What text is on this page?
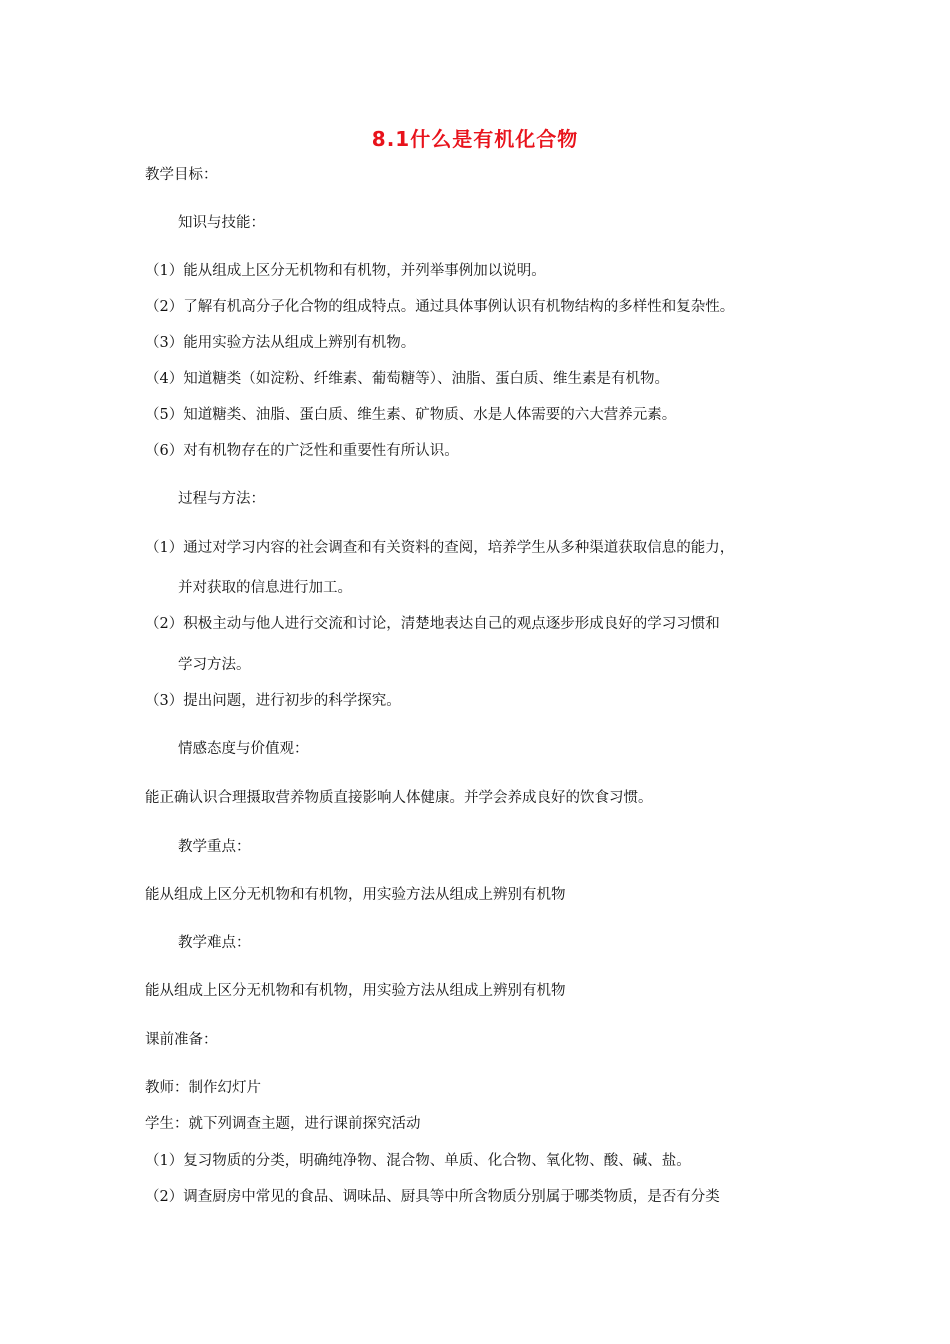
8.1什么是有机化合物
教学目标：
知识与技能：
（1）能从组成上区分无机物和有机物，并列举事例加以说明。
（2）了解有机高分子化合物的组成特点。通过具体事例认识有机物结构的多样性和复杂性。
（3）能用实验方法从组成上辨别有机物。
（4）知道糖类（如淀粉、纤维素、葡萄糖等）、油脂、蛋白质、维生素是有机物。
（5）知道糖类、油脂、蛋白质、维生素、矿物质、水是人体需要的六大营养元素。
（6）对有机物存在的广泛性和重要性有所认识。
过程与方法：
（1）通过对学习内容的社会调查和有关资料的查阅，培养学生从多种渠道获取信息的能力，
并对获取的信息进行加工。
（2）积极主动与他人进行交流和讨论，清楚地表达自己的观点逐步形成良好的学习习惯和
学习方法。
（3）提出问题，进行初步的科学探究。
情感态度与价值观：
能正确认识合理摄取营养物质直接影响人体健康。并学会养成良好的饮食习惯。
教学重点：
能从组成上区分无机物和有机物，用实验方法从组成上辨别有机物
教学难点：
能从组成上区分无机物和有机物，用实验方法从组成上辨别有机物
课前准备：
教师：制作幻灯片
学生：就下列调查主题，进行课前探究活动
（1）复习物质的分类，明确纯净物、混合物、单质、化合物、氧化物、酸、碱、盐。
（2）调查厨房中常见的食品、调味品、厨具等中所含物质分别属于哪类物质，是否有分类
